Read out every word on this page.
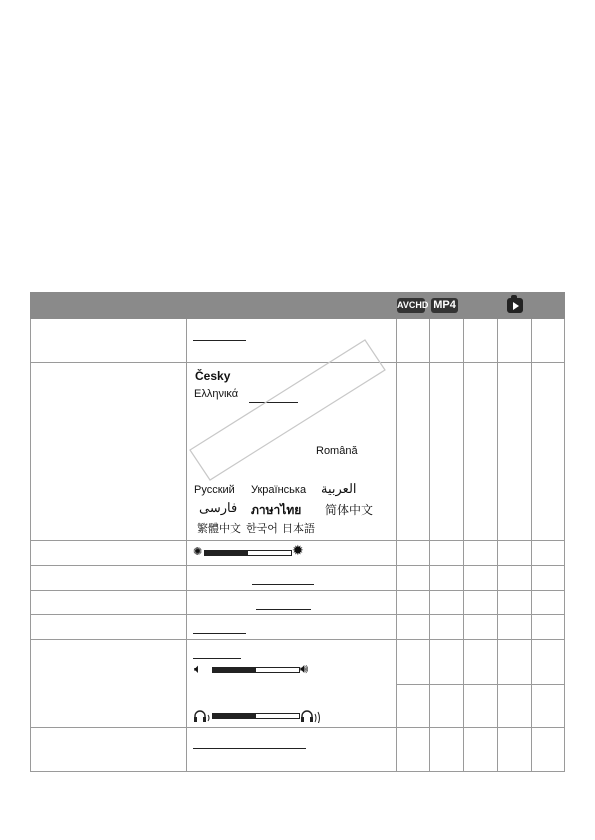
AVCHD MP4
Česky
Ελληνικά
Română
Русский Українська العربية
فارسی ภาษาไทย 简体中文
繁體中文 한국어 日本語
✺	✹
🔈︎	🔊︎
